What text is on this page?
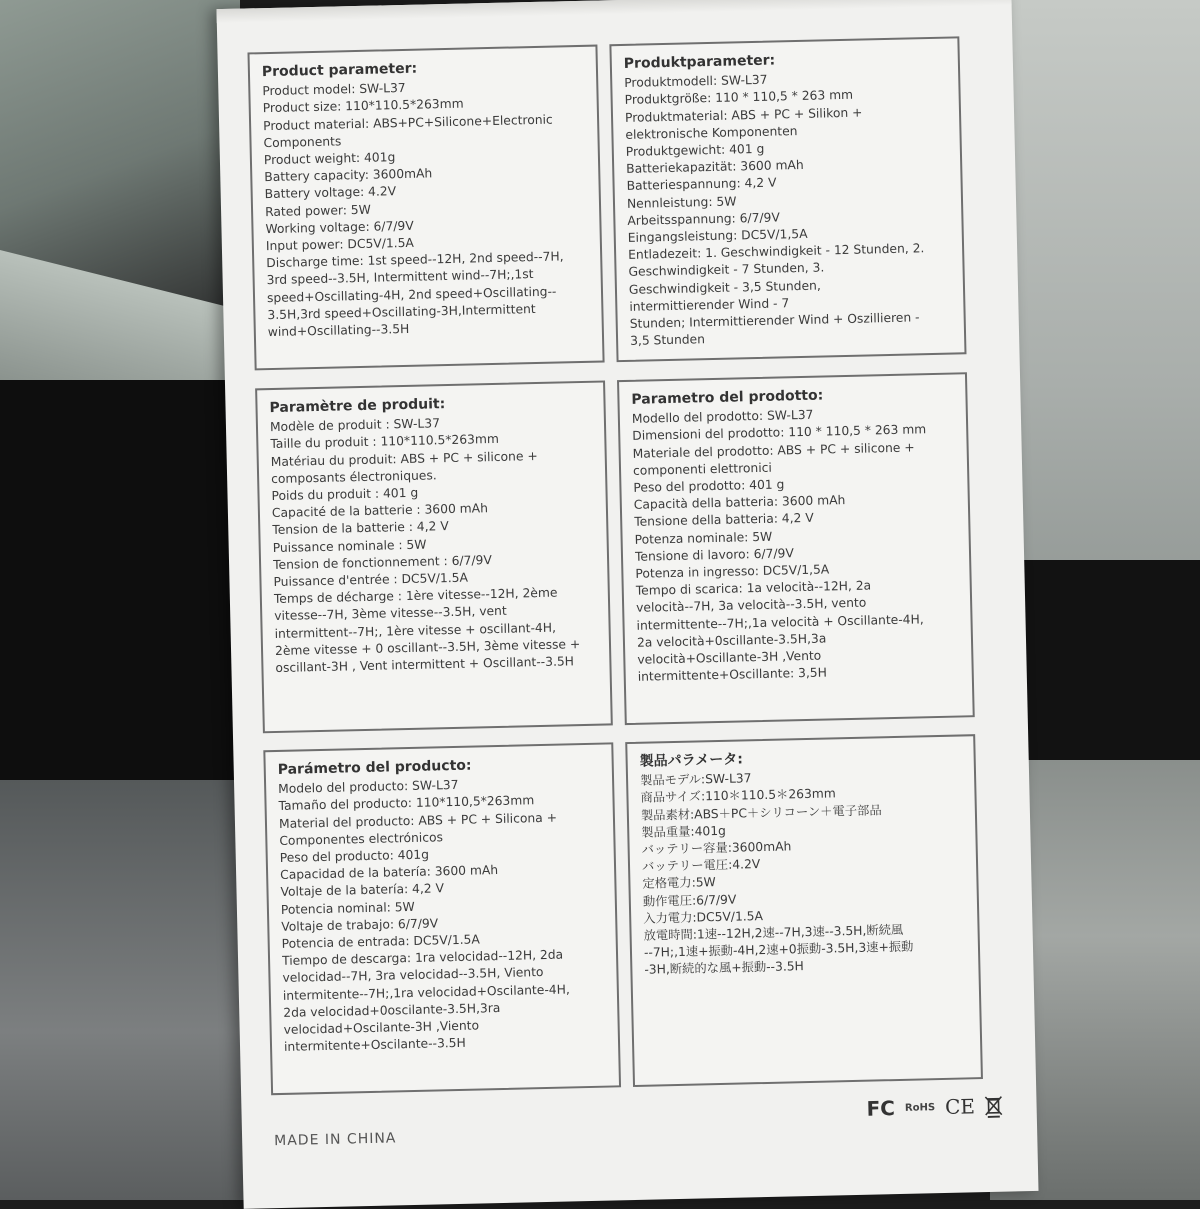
Product parameter:
Product model: SW-L37
Product size: 110*110.5*263mm
Product material: ABS+PC+Silicone+Electronic
Components
Product weight: 401g
Battery capacity: 3600mAh
Battery voltage: 4.2V
Rated power: 5W
Working voltage: 6/7/9V
Input power: DC5V/1.5A
Discharge time: 1st speed--12H, 2nd speed--7H,
3rd speed--3.5H, Intermittent wind--7H;,1st
speed+Oscillating-4H, 2nd speed+Oscillating--
3.5H,3rd speed+Oscillating-3H,Intermittent
wind+Oscillating--3.5H
Produktparameter:
Produktmodell: SW-L37
Produktgröße: 110 * 110,5 * 263 mm
Produktmaterial: ABS + PC + Silikon +
elektronische Komponenten
Produktgewicht: 401 g
Batteriekapazität: 3600 mAh
Batteriespannung: 4,2 V
Nennleistung: 5W
Arbeitsspannung: 6/7/9V
Eingangsleistung: DC5V/1,5A
Entladezeit: 1. Geschwindigkeit - 12 Stunden, 2.
Geschwindigkeit - 7 Stunden, 3.
Geschwindigkeit - 3,5 Stunden,
intermittierender Wind - 7
Stunden; Intermittierender Wind + Oszillieren -
3,5 Stunden
Paramètre de produit:
Modèle de produit : SW-L37
Taille du produit : 110*110.5*263mm
Matériau du produit: ABS + PC + silicone +
composants électroniques.
Poids du produit : 401 g
Capacité de la batterie : 3600 mAh
Tension de la batterie : 4,2 V
Puissance nominale : 5W
Tension de fonctionnement : 6/7/9V
Puissance d'entrée : DC5V/1.5A
Temps de décharge : 1ère vitesse--12H, 2ème
vitesse--7H, 3ème vitesse--3.5H, vent
intermittent--7H;, 1ère vitesse + oscillant-4H,
2ème vitesse + 0 oscillant--3.5H, 3ème vitesse +
oscillant-3H , Vent intermittent + Oscillant--3.5H
Parametro del prodotto:
Modello del prodotto: SW-L37
Dimensioni del prodotto: 110 * 110,5 * 263 mm
Materiale del prodotto: ABS + PC + silicone +
componenti elettronici
Peso del prodotto: 401 g
Capacità della batteria: 3600 mAh
Tensione della batteria: 4,2 V
Potenza nominale: 5W
Tensione di lavoro: 6/7/9V
Potenza in ingresso: DC5V/1,5A
Tempo di scarica: 1a velocità--12H, 2a
velocità--7H, 3a velocità--3.5H, vento
intermittente--7H;,1a velocità + Oscillante-4H,
2a velocità+0scillante-3.5H,3a
velocità+Oscillante-3H ,Vento
intermittente+Oscillante: 3,5H
Parámetro del producto:
Modelo del producto: SW-L37
Tamaño del producto: 110*110,5*263mm
Material del producto: ABS + PC + Silicona +
Componentes electrónicos
Peso del producto: 401g
Capacidad de la batería: 3600 mAh
Voltaje de la batería: 4,2 V
Potencia nominal: 5W
Voltaje de trabajo: 6/7/9V
Potencia de entrada: DC5V/1.5A
Tiempo de descarga: 1ra velocidad--12H, 2da
velocidad--7H, 3ra velocidad--3.5H, Viento
intermitente--7H;,1ra velocidad+Oscilante-4H,
2da velocidad+0oscilante-3.5H,3ra
velocidad+Oscilante-3H ,Viento
intermitente+Oscilante--3.5H
製品パラメータ:
製品モデル:SW-L37
商品サイズ:110＊110.5＊263mm
製品素材:ABS＋PC＋シリコーン＋電子部品
製品重量:401g
バッテリー容量:3600mAh
バッテリー電圧:4.2V
定格電力:5W
動作電圧:6/7/9V
入力電力:DC5V/1.5A
放電時間:1速--12H,2速--7H,3速--3.5H,断続風
--7H;,1速+振動-4H,2速+0振動-3.5H,3速+振動
-3H,断続的な風+振動--3.5H
FC RoHS CE
MADE IN CHINA
